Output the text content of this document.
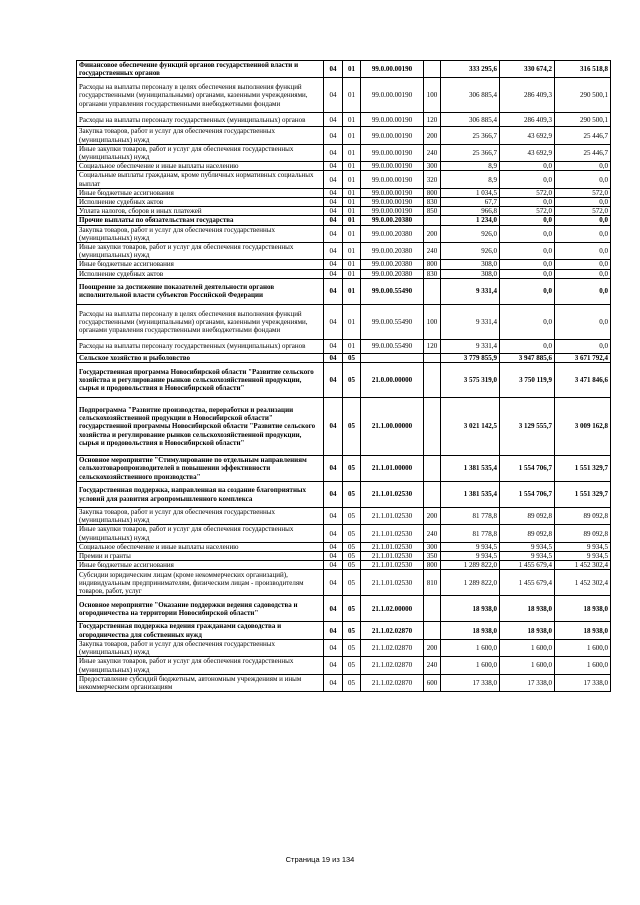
Финансовое обеспечение функций органов государственной власти и государственных органов	04	01	99.0.00.00190		333 295,6	330 674,2	316 518,8
Расходы на выплаты персоналу в целях обеспечения выполнения функций государственными (муниципальными) органами, казенными учреждениями, органами управления государственными внебюджетными фондами	04	01	99.0.00.00190	100	306 885,4	286 409,3	290 500,1
Расходы на выплаты персоналу государственных (муниципальных) органов	04	01	99.0.00.00190	120	306 885,4	286 409,3	290 500,1
Закупка товаров, работ и услуг для обеспечения государственных (муниципальных) нужд	04	01	99.0.00.00190	200	25 366,7	43 692,9	25 446,7
Иные закупки товаров, работ и услуг для обеспечения государственных (муниципальных) нужд	04	01	99.0.00.00190	240	25 366,7	43 692,9	25 446,7
Социальное обеспечение и иные выплаты населению	04	01	99.0.00.00190	300	8,9	0,0	0,0
Социальные выплаты гражданам, кроме публичных нормативных социальных выплат	04	01	99.0.00.00190	320	8,9	0,0	0,0
Иные бюджетные ассигнования	04	01	99.0.00.00190	800	1 034,5	572,0	572,0
Исполнение судебных актов	04	01	99.0.00.00190	830	67,7	0,0	0,0
Уплата налогов, сборов и иных платежей	04	01	99.0.00.00190	850	966,8	572,0	572,0
Прочие выплаты по обязательствам государства	04	01	99.0.00.20380		1 234,0	0,0	0,0
Закупка товаров, работ и услуг для обеспечения государственных (муниципальных) нужд	04	01	99.0.00.20380	200	926,0	0,0	0,0
Иные закупки товаров, работ и услуг для обеспечения государственных (муниципальных) нужд	04	01	99.0.00.20380	240	926,0	0,0	0,0
Иные бюджетные ассигнования	04	01	99.0.00.20380	800	308,0	0,0	0,0
Исполнение судебных актов	04	01	99.0.00.20380	830	308,0	0,0	0,0
Поощрение за достижение показателей деятельности органов исполнительной власти субъектов Российской Федерации	04	01	99.0.00.55490		9 331,4	0,0	0,0
Расходы на выплаты персоналу в целях обеспечения выполнения функций государственными (муниципальными) органами, казенными учреждениями, органами управления государственными внебюджетными фондами	04	01	99.0.00.55490	100	9 331,4	0,0	0,0
Расходы на выплаты персоналу государственных (муниципальных) органов	04	01	99.0.00.55490	120	9 331,4	0,0	0,0
Сельское хозяйство и рыболовство	04	05			3 779 855,9	3 947 885,6	3 671 792,4
Государственная программа Новосибирской области "Развитие сельского хозяйства и регулирование рынков сельскохозяйственной продукции, сырья и продовольствия в Новосибирской области"	04	05	21.0.00.00000		3 575 319,0	3 750 119,9	3 471 846,6
Подпрограмма "Развитие производства, переработки и реализации сельскохозяйственной продукции в Новосибирской области" государственной программы Новосибирской области "Развитие сельского хозяйства и регулирование рынков сельскохозяйственной продукции, сырья и продовольствия в Новосибирской области"	04	05	21.1.00.00000		3 021 142,5	3 129 555,7	3 009 162,8
Основное мероприятие "Стимулирование по отдельным направлениям сельхозтоваропроизводителей в повышении эффективности сельскохозяйственного производства"	04	05	21.1.01.00000		1 381 535,4	1 554 706,7	1 551 329,7
Государственная поддержка, направленная на создание благоприятных условий для развития агропромышленного комплекса	04	05	21.1.01.02530		1 381 535,4	1 554 706,7	1 551 329,7
Закупка товаров, работ и услуг для обеспечения государственных (муниципальных) нужд	04	05	21.1.01.02530	200	81 778,8	89 092,8	89 092,8
Иные закупки товаров, работ и услуг для обеспечения государственных (муниципальных) нужд	04	05	21.1.01.02530	240	81 778,8	89 092,8	89 092,8
Социальное обеспечение и иные выплаты населению	04	05	21.1.01.02530	300	9 934,5	9 934,5	9 934,5
Премии и гранты	04	05	21.1.01.02530	350	9 934,5	9 934,5	9 934,5
Иные бюджетные ассигнования	04	05	21.1.01.02530	800	1 289 822,0	1 455 679,4	1 452 302,4
Субсидии юридическим лицам (кроме некоммерческих организаций), индивидуальным предпринимателям, физическим лицам - производителям товаров, работ, услуг	04	05	21.1.01.02530	810	1 289 822,0	1 455 679,4	1 452 302,4
Основное мероприятие "Оказание поддержки ведения садоводства и огородничества на территории Новосибирской области"	04	05	21.1.02.00000		18 938,0	18 938,0	18 938,0
Государственная поддержка ведения гражданами садоводства и огородничества для собственных нужд	04	05	21.1.02.02870		18 938,0	18 938,0	18 938,0
Закупка товаров, работ и услуг для обеспечения государственных (муниципальных) нужд	04	05	21.1.02.02870	200	1 600,0	1 600,0	1 600,0
Иные закупки товаров, работ и услуг для обеспечения государственных (муниципальных) нужд	04	05	21.1.02.02870	240	1 600,0	1 600,0	1 600,0
Предоставление субсидий бюджетным, автономным учреждениям и иным некоммерческим организациям	04	05	21.1.02.02870	600	17 338,0	17 338,0	17 338,0
Страница 19 из 134
